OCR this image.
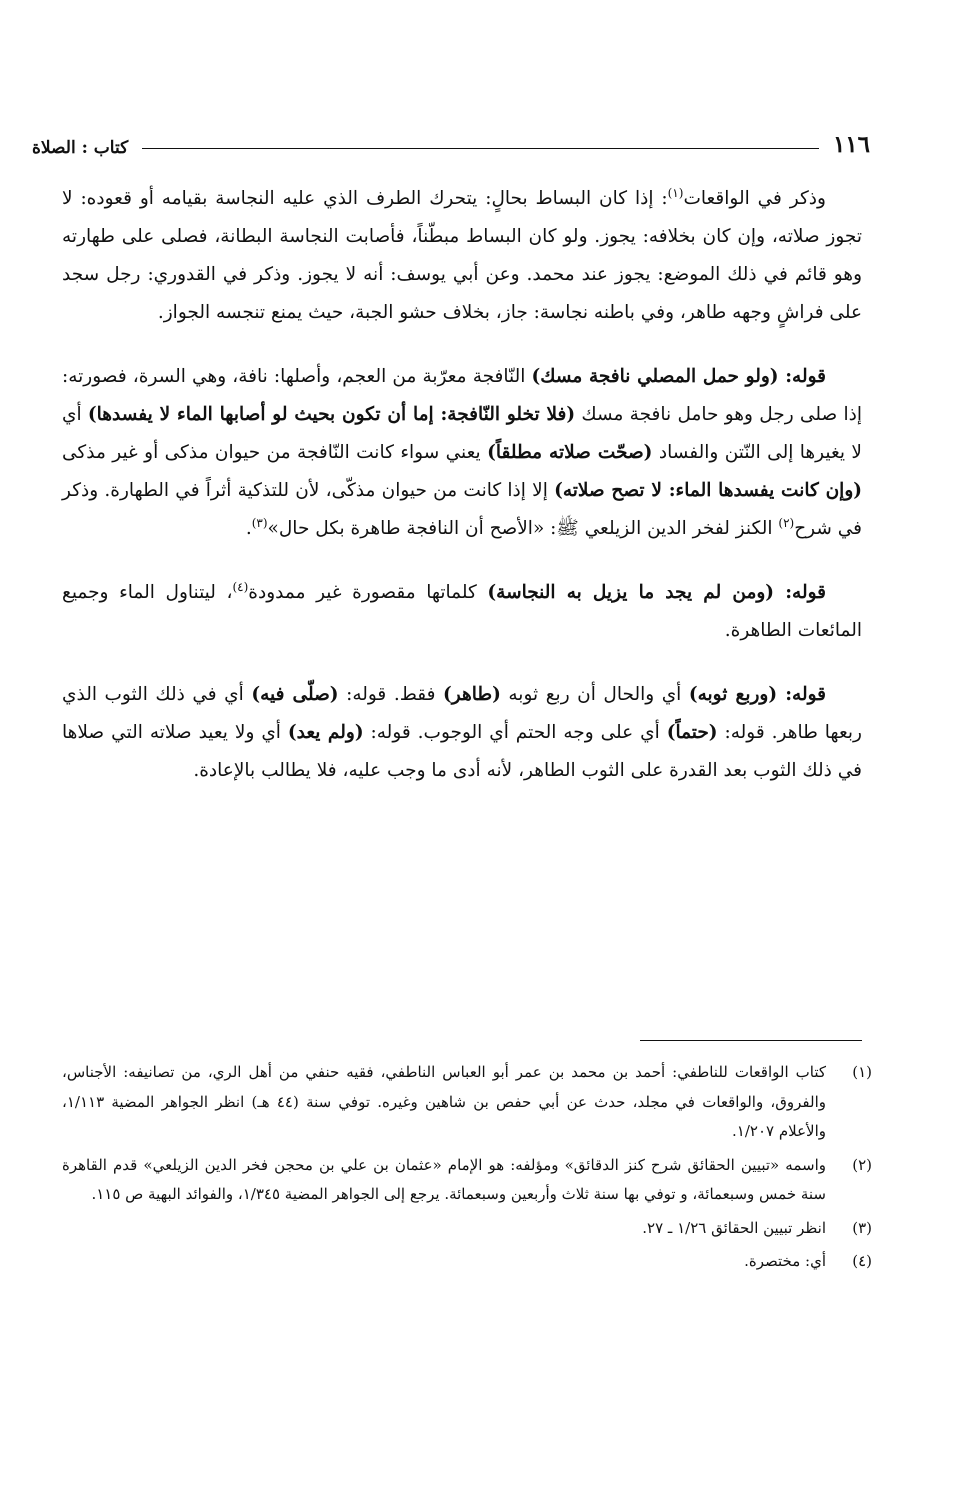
١١٦
كتاب : الصلاة

وذكر في الواقعات$^{(١)}$: إذا كان البساط بحالٍ: يتحرك الطرف الذي عليه النجاسة بقيامه أو قعوده: لا تجوز صلاته، وإن كان بخلافه: يجوز. ولو كان البساط مبطّناً، فأصابت النجاسة البطانة، فصلى على طهارته وهو قائم في ذلك الموضع: يجوز عند محمد. وعن أبي يوسف: أنه لا يجوز. وذكر في القدوري: رجل سجد على فراشٍ وجهه طاهر، وفي باطنه نجاسة: جاز، بخلاف حشو الجبة، حيث يمنع تنجسه الجواز.

قوله: (ولو حمل المصلي نافجة مسك) النّافجة معرّبة من العجم، وأصلها: نافة، وهي السرة، فصورته: إذا صلى رجل وهو حامل نافجة مسك (فلا تخلو النّافجة: إما أن تكون بحيث لو أصابها الماء لا يفسدها) أي لا يغيرها إلى النّتن والفساد (صحّت صلاته مطلقاً) يعني سواء كانت النّافجة من حيوان مذكى أو غير مذكى (وإن كانت يفسدها الماء: لا تصح صلاته) إلا إذا كانت من حيوان مذكّى، لأن للتذكية أثراً في الطهارة. وذكر في شرح$^{(٢)}$ الكنز لفخر الدين الزيلعي ﷺ: «الأصح أن النافجة طاهرة بكل حال»$^{(٣)}$.

قوله: (ومن لم يجد ما يزيل به النجاسة) كلماتها مقصورة غير ممدودة$^{(٤)}$، ليتناول الماء وجميع المائعات الطاهرة.

قوله: (وربع ثوبه) أي والحال أن ربع ثوبه (طاهر) فقط. قوله: (صلّى فيه) أي في ذلك الثوب الذي ربعها طاهر. قوله: (حتماً) أي على وجه الحتم أي الوجوب. قوله: (ولم يعد) أي ولا يعيد صلاته التي صلاها في ذلك الثوب بعد القدرة على الثوب الطاهر، لأنه أدى ما وجب عليه، فلا يطالب بالإعادة.

(١)
كتاب الواقعات للناطفي: أحمد بن محمد بن عمر أبو العباس الناطفي، فقيه حنفي من أهل الري، من تصانيفه: الأجناس، والفروق، والواقعات في مجلد، حدث عن أبي حفص بن شاهين وغيره. توفي سنة (٤٤ هـ) انظر الجواهر المضية ١/١١٣، والأعلام ١/٢٠٧.
(٢)
واسمه «تبيين الحقائق شرح كنز الدقائق» ومؤلفه: هو الإمام «عثمان بن علي بن محجن فخر الدين الزيلعي» قدم القاهرة سنة خمس وسبعمائة، و توفي بها سنة ثلاث وأربعين وسبعمائة. يرجع إلى الجواهر المضية ١/٣٤٥، والفوائد البهية ص ١١٥.
(٣)
انظر تبيين الحقائق ١/٢٦ ـ ٢٧.
(٤)
أي: مختصرة.
